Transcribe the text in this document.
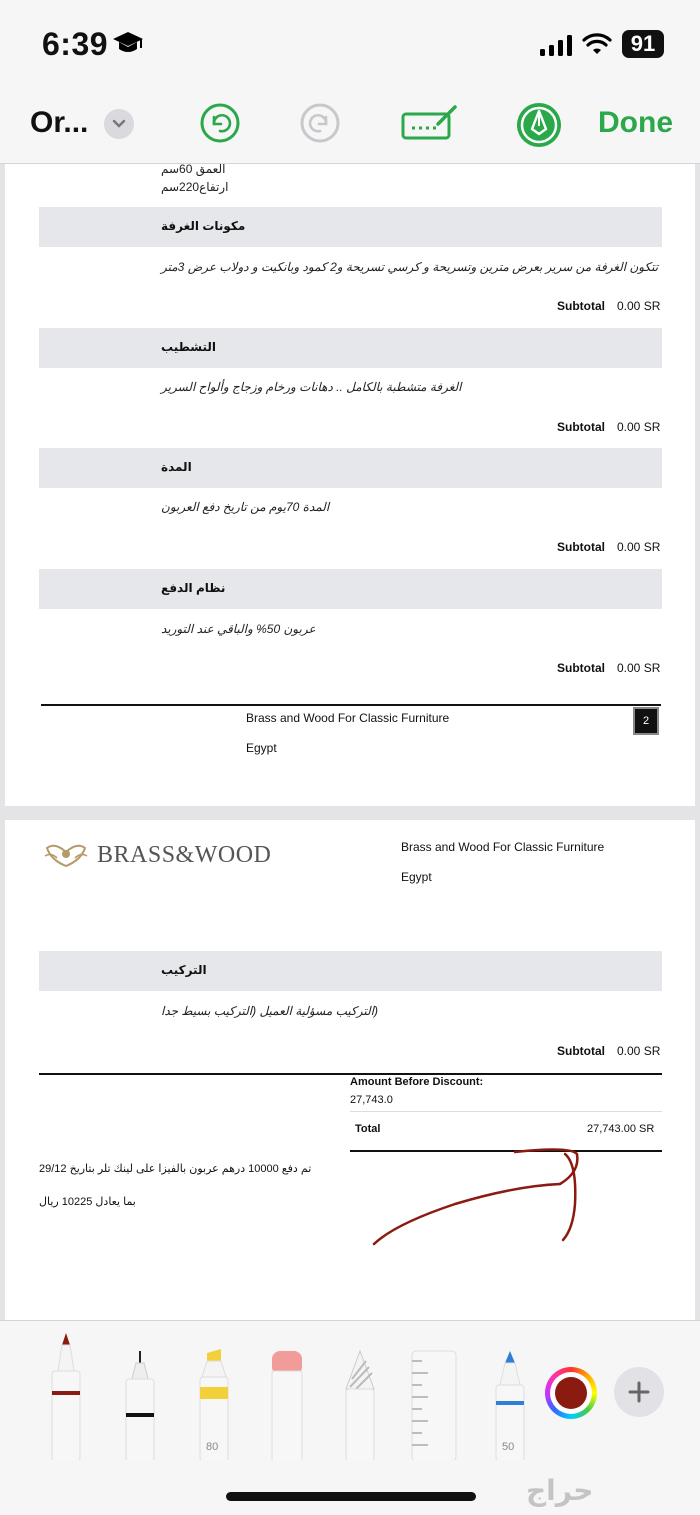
6:39	91
Or...	Done
العمق 60سم
ارتفاع220سم
مكونات الغرفة
تتكون الغرفة من سرير بعرض مترين وتسريحة و كرسي تسريحة و2 كمود وبانكيت و دولاب عرض 3متر
Subtotal 0.00 SR
التشطيب
الغرفة متشطبة بالكامل .. دهانات ورخام وزجاج وألواح السرير
Subtotal 0.00 SR
المدة
المدة 70يوم من تاريخ دفع العربون
Subtotal 0.00 SR
نظام الدفع
عربون 50% والباقي عند التوريد
Subtotal 0.00 SR
Brass and Wood For Classic Furniture
Egypt
2
BRASS&WOOD	Brass and Wood For Classic Furniture
Egypt
التركيب
(التركيب مسؤلية العميل (التركيب بسيط جدا
Subtotal 0.00 SR
Amount Before Discount:
27,743.0
Total	27,743.00 SR
تم دفع 10000 درهم عربون بالفيزا على لينك تلر بتاريخ 29/12
بما يعادل 10225 ريال
80	50
حراج
